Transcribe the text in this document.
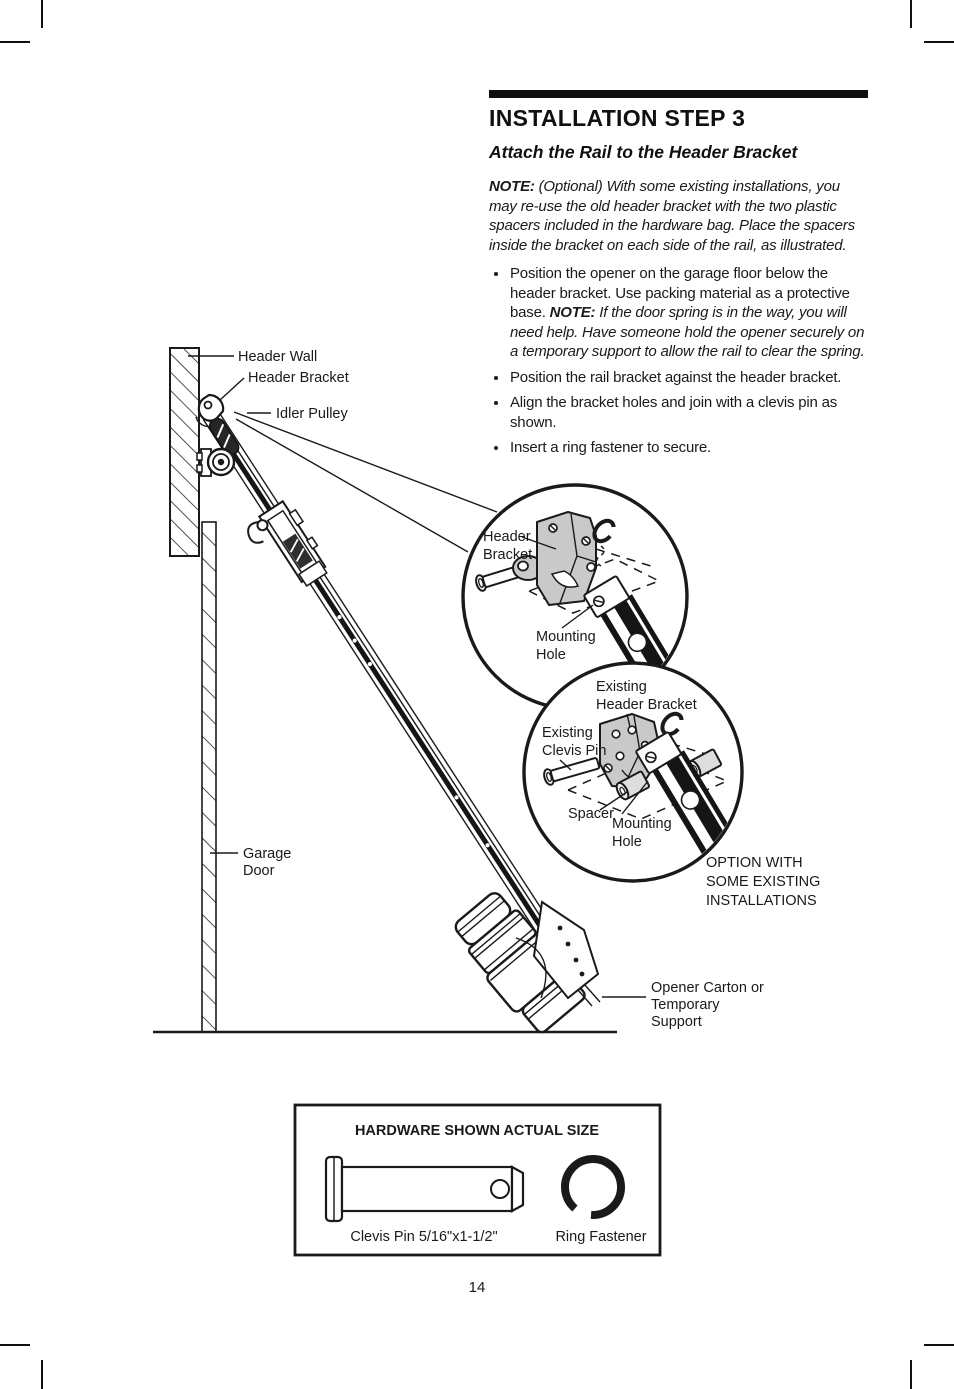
Header Wall
Header Bracket
Idler Pulley
Garage
Door
Opener Carton or
Temporary
Support
Header
Bracket
Mounting
Hole
Existing
Header Bracket
Existing
Clevis Pin
Spacer
Mounting
Hole
OPTION WITH
SOME EXISTING
INSTALLATIONS
HARDWARE SHOWN ACTUAL SIZE
Clevis Pin 5/16"x1-1/2"	Ring Fastener
INSTALLATION STEP 3
Attach the Rail to the Header Bracket

NOTE: (Optional) With some existing installations, you may re-use the old header bracket with the two plastic spacers included in the hardware bag. Place the spacers inside the bracket on each side of the rail, as illustrated.

• Position the opener on the garage floor below the header bracket. Use packing material as a protective base. NOTE: If the door spring is in the way, you will need help. Have someone hold the opener securely on a temporary support to allow the rail to clear the spring.
• Position the rail bracket against the header bracket.
• Align the bracket holes and join with a clevis pin as shown.
• Insert a ring fastener to secure.
14
